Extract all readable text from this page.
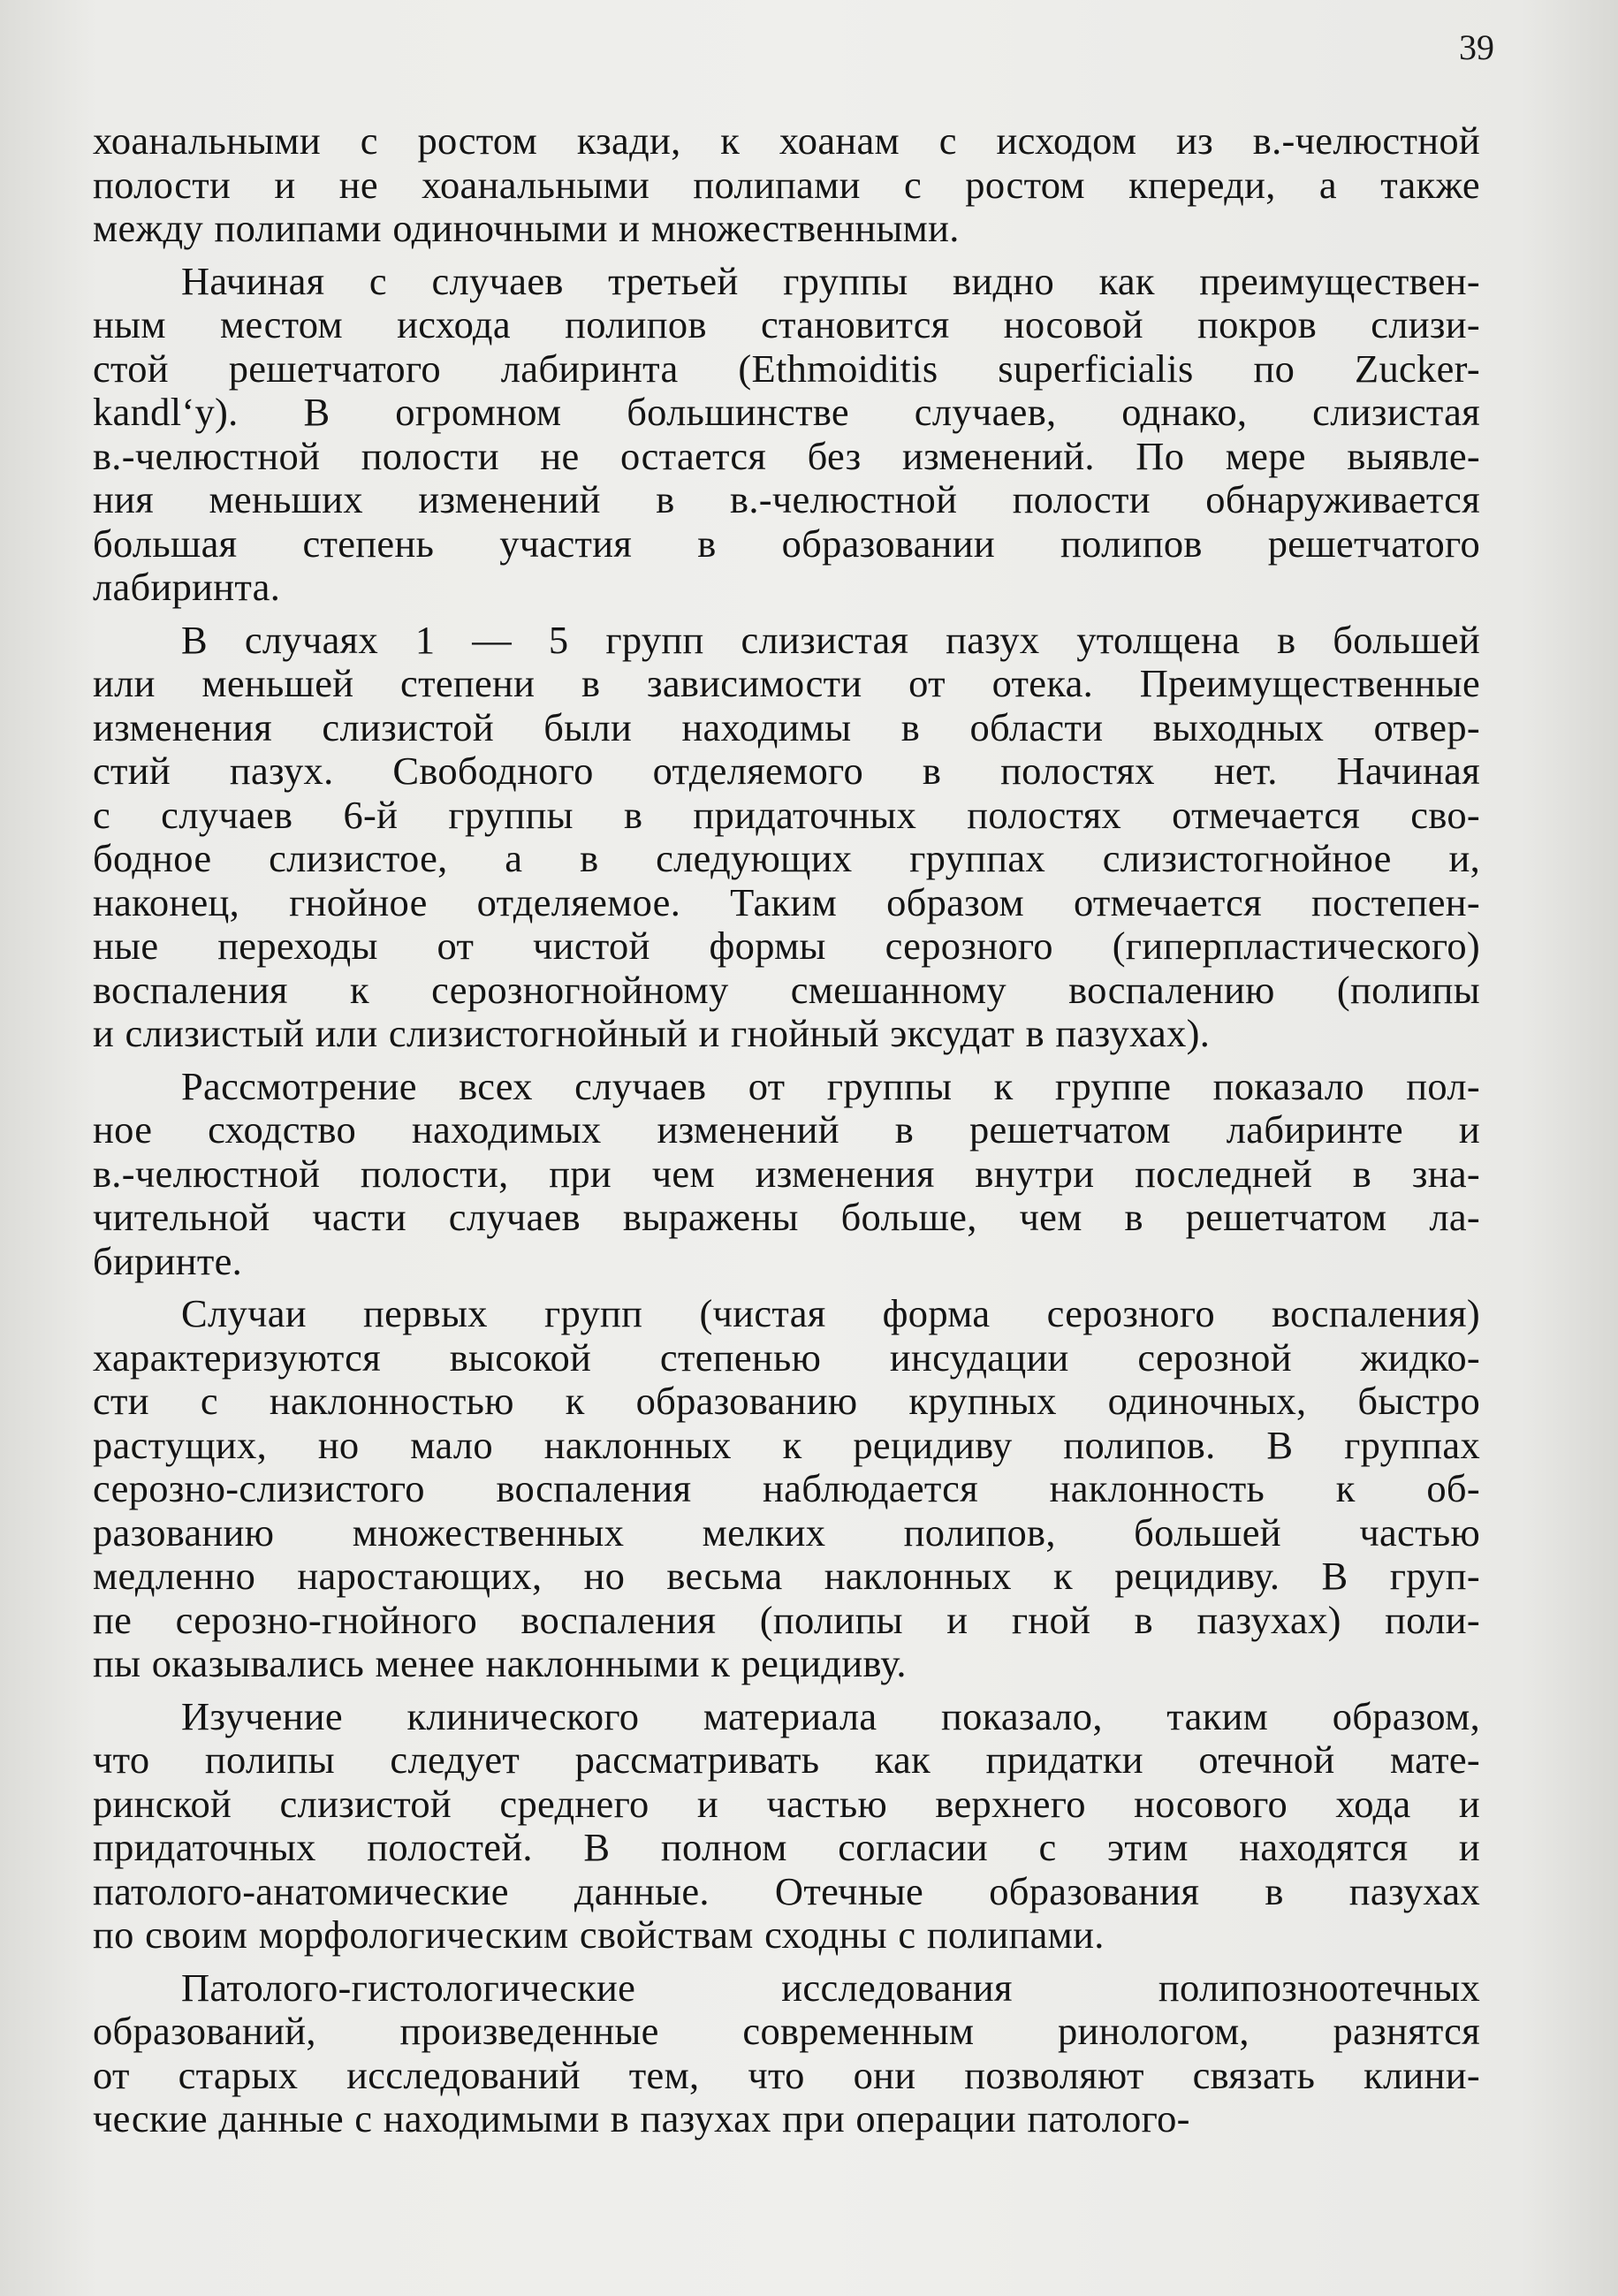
39

хоанальными с ростом кзади, к хоанам с исходом из в.-челюстной
полости и не хоанальными полипами с ростом кпереди, а также
между полипами одиночными и множественными.
Начиная с случаев третьей группы видно как преимуществен-
ным местом исхода полипов становится носовой покров слизи-
стой решетчатого лабиринта (Ethmoiditis superficialis по Zucker-
kandl‘y). В огромном большинстве случаев, однако, слизистая
в.-челюстной полости не остается без изменений. По мере выявле-
ния меньших изменений в в.-челюстной полости обнаруживается
большая степень участия в образовании полипов решетчатого
лабиринта.
В случаях 1 — 5 групп слизистая пазух утолщена в большей
или меньшей степени в зависимости от отека. Преимущественные
изменения слизистой были находимы в области выходных отвер-
стий пазух. Свободного отделяемого в полостях нет. Начиная
с случаев 6-й группы в придаточных полостях отмечается сво-
бодное слизистое, а в следующих группах слизистогнойное и,
наконец, гнойное отделяемое. Таким образом отмечается постепен-
ные переходы от чистой формы серозного (гиперпластического)
воспаления к серозногнойному смешанному воспалению (полипы
и слизистый или слизистогнойный и гнойный эксудат в пазухах).
Рассмотрение всех случаев от группы к группе показало пол-
ное сходство находимых изменений в решетчатом лабиринте и
в.-челюстной полости, при чем изменения внутри последней в зна-
чительной части случаев выражены больше, чем в решетчатом ла-
биринте.
Случаи первых групп (чистая форма серозного воспаления)
характеризуются высокой степенью инсудации серозной жидко-
сти с наклонностью к образованию крупных одиночных, быстро
растущих, но мало наклонных к рецидиву полипов. В группах
серозно-слизистого воспаления наблюдается наклонность к об-
разованию множественных мелких полипов, большей частью
медленно наростающих, но весьма наклонных к рецидиву. В груп-
пе серозно-гнойного воспаления (полипы и гной в пазухах) поли-
пы оказывались менее наклонными к рецидиву.
Изучение клинического материала показало, таким образом,
что полипы следует рассматривать как придатки отечной мате-
ринской слизистой среднего и частью верхнего носового хода и
придаточных полостей. В полном согласии с этим находятся и
патолого-анатомические данные. Отечные образования в пазухах
по своим морфологическим свойствам сходны с полипами.
Патолого-гистологические исследования полипозноотечных
образований, произведенные современным ринологом, разнятся
от старых исследований тем, что они позволяют связать клини-
ческие данные с находимыми в пазухах при операции патолого-
